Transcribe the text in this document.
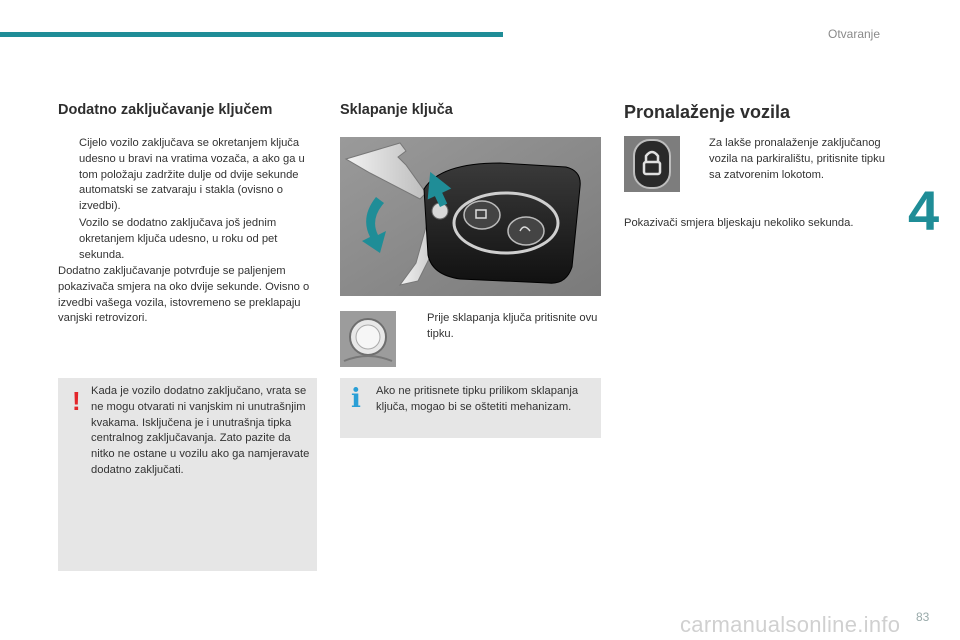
Otvaranje
4
Dodatno zaključavanje ključem
Cijelo vozilo zaključava se okretanjem ključa udesno u bravi na vratima vozača, a ako ga u tom položaju zadržite dulje od dvije sekunde automatski se zatvaraju i stakla (ovisno o izvedbi).
Vozilo se dodatno zaključava još jednim okretanjem ključa udesno, u roku od pet sekunda.
Dodatno zaključavanje potvrđuje se paljenjem pokazivača smjera na oko dvije sekunde. Ovisno o izvedbi vašega vozila, istovremeno se preklapaju vanjski retrovizori.
! Kada je vozilo dodatno zaključano, vrata se ne mogu otvarati ni vanjskim ni unutrašnjim kvakama. Isključena je i unutrašnja tipka centralnog zaključavanja. Zato pazite da nitko ne ostane u vozilu ako ga namjeravate dodatno zaključati.
Sklapanje ključa
Prije sklapanja ključa pritisnite ovu tipku.
i Ako ne pritisnete tipku prilikom sklapanja ključa, mogao bi se oštetiti mehanizam.
Pronalaženje vozila
Za lakše pronalaženje zaključanog vozila na parkiralištu, pritisnite tipku sa zatvorenim lokotom.
Pokazivači smjera bljeskaju nekoliko sekunda.
83
carmanualsonline.info
